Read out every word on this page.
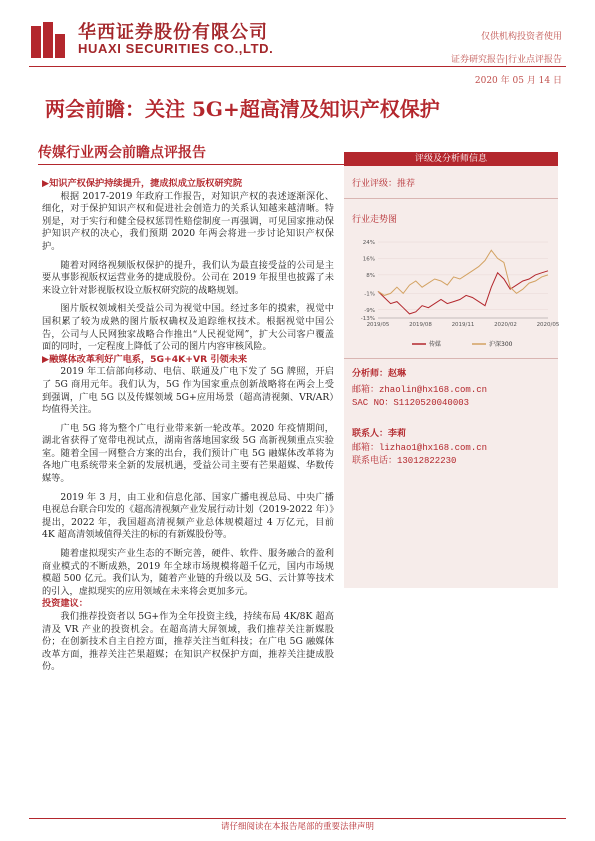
华西证券股份有限公司
HUAXI SECURITIES CO.,LTD.
仅供机构投资者使用
证券研究报告|行业点评报告
2020 年 05 月 14 日
两会前瞻：关注 5G+超高清及知识产权保护
传媒行业两会前瞻点评报告

▶知识产权保护持续提升，捷成拟成立版权研究院

根据 2017-2019 年政府工作报告，对知识产权的表述逐渐深化、细化，对于保护知识产权和促进社会创造力的关系认知越来越清晰。特别是，对于实行和健全侵权惩罚性赔偿制度一再强调，可见国家推动保护知识产权的决心，我们预期 2020 年两会将进一步讨论知识产权保护。

随着对网络视频版权保护的提升，我们认为最直接受益的公司是主要从事影视版权运营业务的捷成股份。公司在 2019 年报里也披露了未来设立针对影视版权设立版权研究院的战略规划。

图片版权领域相关受益公司为视觉中国。经过多年的摸索，视觉中国积累了较为成熟的图片版权确权及追踪维权技术。根据视觉中国公告，公司与人民网独家战略合作推出“人民视觉网”，扩大公司客户覆盖面的同时，一定程度上降低了公司的图片内容审核风险。

▶融媒体改革利好广电系，5G+4K+VR 引领未来

2019 年工信部向移动、电信、联通及广电下发了 5G 牌照，开启了 5G 商用元年。我们认为，5G 作为国家重点创新战略将在两会上受到强调，广电 5G 以及传媒领域 5G+应用场景（超高清视频、VR/AR）均值得关注。

广电 5G 将为整个广电行业带来新一轮改革。2020 年疫情期间，湖北省获得了宽带电视试点，湖南省落地国家级 5G 高新视频重点实验室。随着全国一网整合方案的出台，我们预计广电 5G 融媒体改革将为各地广电系统带来全新的发展机遇，受益公司主要有芒果超媒、华数传媒等。

2019 年 3 月，由工业和信息化部、国家广播电视总局、中央广播电视总台联合印发的《超高清视频产业发展行动计划（2019-2022 年）》提出，2022 年，我国超高清视频产业总体规模超过 4 万亿元，目前 4K 超高清领域值得关注的标的有新媒股份等。

随着虚拟现实产业生态的不断完善，硬件、软件、服务融合的盈利商业模式的不断成熟，2019 年全球市场规模将超千亿元，国内市场规模超 500 亿元。我们认为，随着产业链的升级以及 5G、云计算等技术的引入，虚拟现实的应用领域在未来将会更加多元。

投资建议：

我们推荐投资者以 5G+作为全年投资主线，持续布局 4K/8K 超高清及 VR 产业的投资机会。在超高清大屏领域，我们推荐关注新媒股份；在创新技术自主自控方面，推荐关注当虹科技；在广电 5G 融媒体改革方面，推荐关注芒果超媒；在知识产权保护方面，推荐关注捷成股份。

评级及分析师信息
行业评级：推荐
行业走势图
24%
16%
8%
-1%
-9%
-13%
2019/05	2019/08	2019/11	2020/02	2020/05
传媒	沪深300
分析师：赵琳
邮箱：zhaolin@hx168.com.cn
SAC NO：S1120520040003
联系人：李莉
邮箱：lizhao1@hx168.com.cn
联系电话：13012822230
请仔细阅读在本报告尾部的重要法律声明
